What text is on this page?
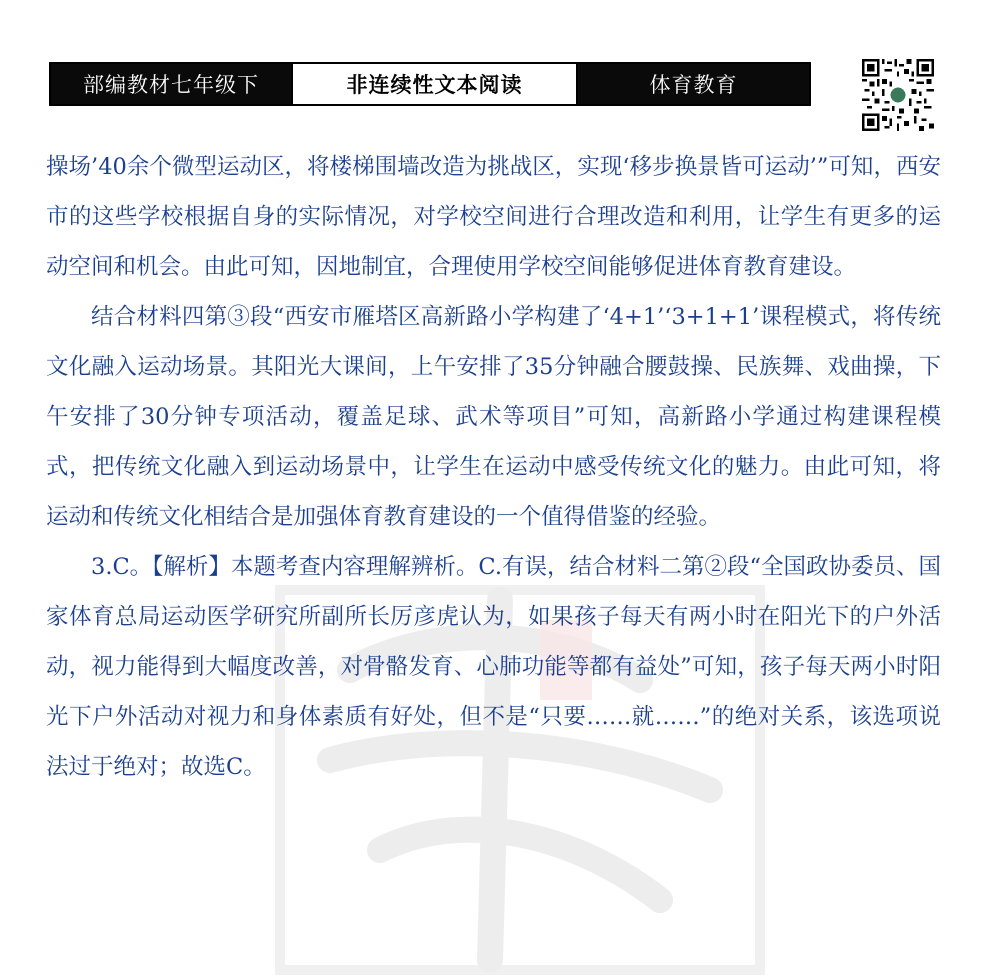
部编教材七年级下	非连续性文本阅读	体育教育

操场’40余个微型运动区，将楼梯围墙改造为挑战区，实现‘移步换景皆可运动’”可知，西安市的这些学校根据自身的实际情况，对学校空间进行合理改造和利用，让学生有更多的运动空间和机会。由此可知，因地制宜，合理使用学校空间能够促进体育教育建设。

结合材料四第③段“西安市雁塔区高新路小学构建了‘4+1’‘3+1+1’课程模式，将传统文化融入运动场景。其阳光大课间，上午安排了35分钟融合腰鼓操、民族舞、戏曲操，下午安排了30分钟专项活动，覆盖足球、武术等项目”可知，高新路小学通过构建课程模式，把传统文化融入到运动场景中，让学生在运动中感受传统文化的魅力。由此可知，将运动和传统文化相结合是加强体育教育建设的一个值得借鉴的经验。

3.C。【解析】本题考查内容理解辨析。C.有误，结合材料二第②段“全国政协委员、国家体育总局运动医学研究所副所长厉彦虎认为，如果孩子每天有两小时在阳光下的户外活动，视力能得到大幅度改善，对骨骼发育、心肺功能等都有益处”可知，孩子每天两小时阳光下户外活动对视力和身体素质有好处，但不是“只要……就……”的绝对关系，该选项说法过于绝对；故选C。
